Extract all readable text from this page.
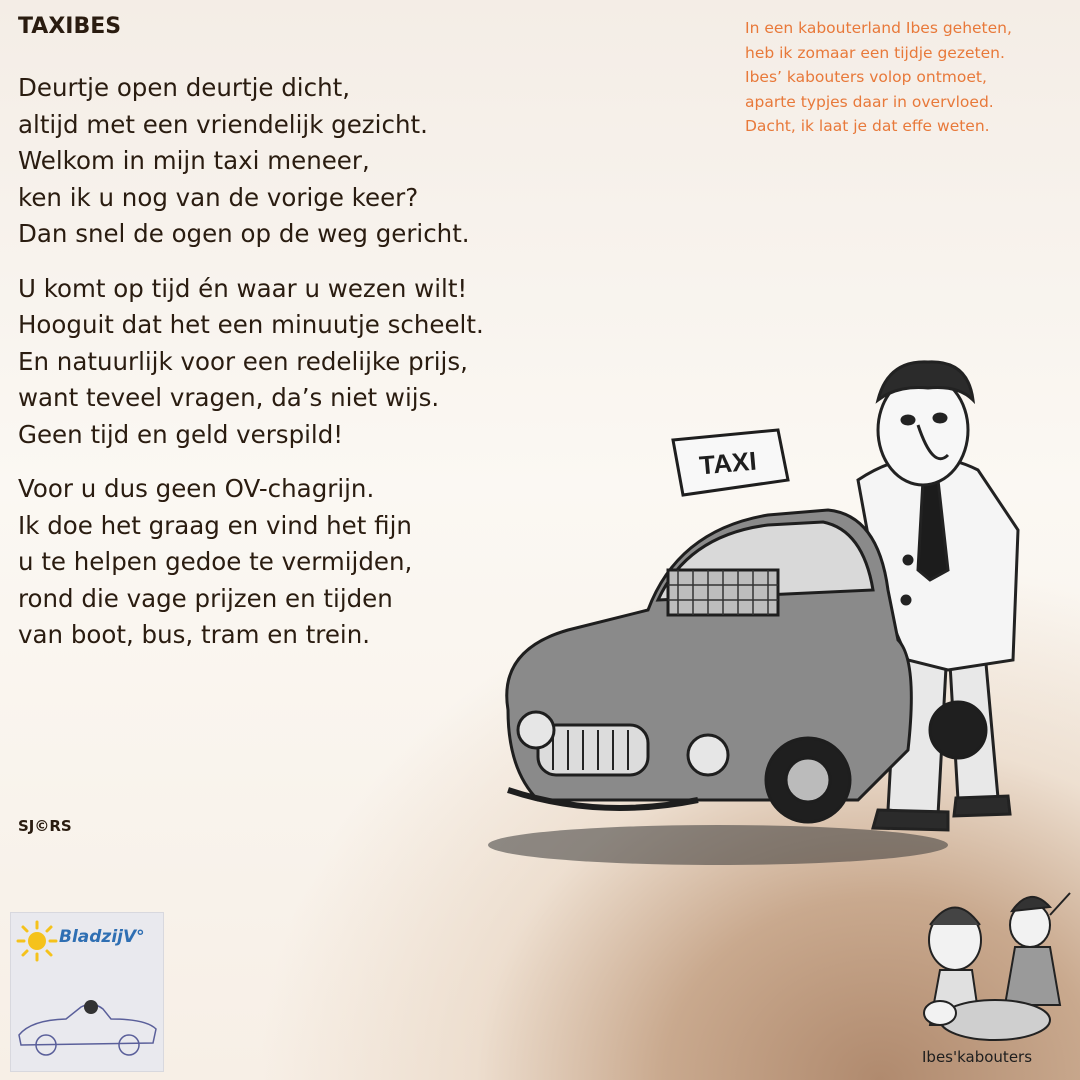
TAXIBES
Deurtje open deurtje dicht,
altijd met een vriendelijk gezicht.
Welkom in mijn taxi meneer,
ken ik u nog van de vorige keer?
Dan snel de ogen op de weg gericht.
U komt op tijd én waar u wezen wilt!
Hooguit dat het een minuutje scheelt.
En natuurlijk voor een redelijke prijs,
want teveel vragen, da’s niet wijs.
Geen tijd en geld verspild!
Voor u dus geen OV-chagrijn.
Ik doe het graag en vind het fijn
u te helpen gedoe te vermijden,
rond die vage prijzen en tijden
van boot, bus, tram en trein.
SJ©RS
In een kabouterland Ibes geheten,
heb ik zomaar een tijdje gezeten.
Ibes’ kabouters volop ontmoet,
aparte typjes daar in overvloed.
Dacht, ik laat je dat effe weten.
TAXI
BladzijV°
Ibes'kabouters
